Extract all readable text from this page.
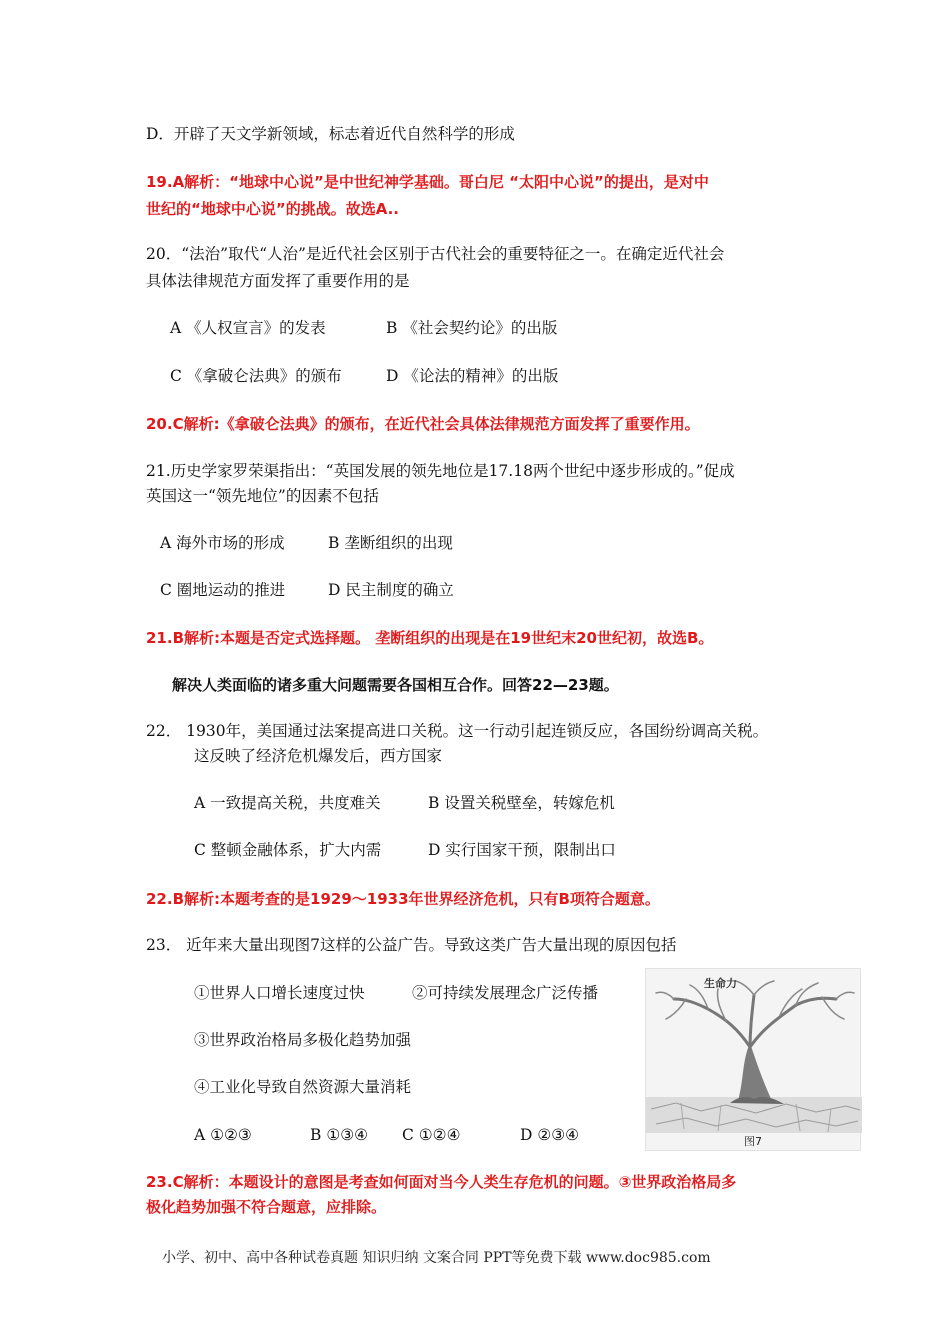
D．开辟了天文学新领域，标志着近代自然科学的形成
19.A解析：“地球中心说”是中世纪神学基础。哥白尼 “太阳中心说”的提出，是对中
世纪的“地球中心说”的挑战。故选A..
20．“法治”取代“人治”是近代社会区别于古代社会的重要特征之一。在确定近代社会
具体法律规范方面发挥了重要作用的是
A 《人权宣言》的发表	B 《社会契约论》的出版
C 《拿破仑法典》的颁布	D 《论法的精神》的出版
20.C解析:《拿破仑法典》的颁布，在近代社会具体法律规范方面发挥了重要作用。
21.历史学家罗荣渠指出：“英国发展的领先地位是17.18两个世纪中逐步形成的。”促成
英国这一“领先地位”的因素不包括
A 海外市场的形成	B 垄断组织的出现
C 圈地运动的推进	D 民主制度的确立
21.B解析:本题是否定式选择题。 垄断组织的出现是在19世纪末20世纪初，故选B。
解决人类面临的诸多重大问题需要各国相互合作。回答22—23题。
22． 1930年，美国通过法案提高进口关税。这一行动引起连锁反应，各国纷纷调高关税。
这反映了经济危机爆发后，西方国家
A 一致提高关税，共度难关	B 设置关税壁垒，转嫁危机
C 整顿金融体系，扩大内需	D 实行国家干预，限制出口
22.B解析:本题考查的是1929～1933年世界经济危机，只有B项符合题意。
23． 近年来大量出现图7这样的公益广告。导致这类广告大量出现的原因包括
①世界人口增长速度过快	②可持续发展理念广泛传播
③世界政治格局多极化趋势加强
④工业化导致自然资源大量消耗
A ①②③	B ①③④ C ①②④	D ②③④
生命力
图7
23.C解析：本题设计的意图是考查如何面对当今人类生存危机的问题。③世界政治格局多
极化趋势加强不符合题意，应排除。
小学、初中、高中各种试卷真题 知识归纳 文案合同 PPT等免费下载 www.doc985.com
